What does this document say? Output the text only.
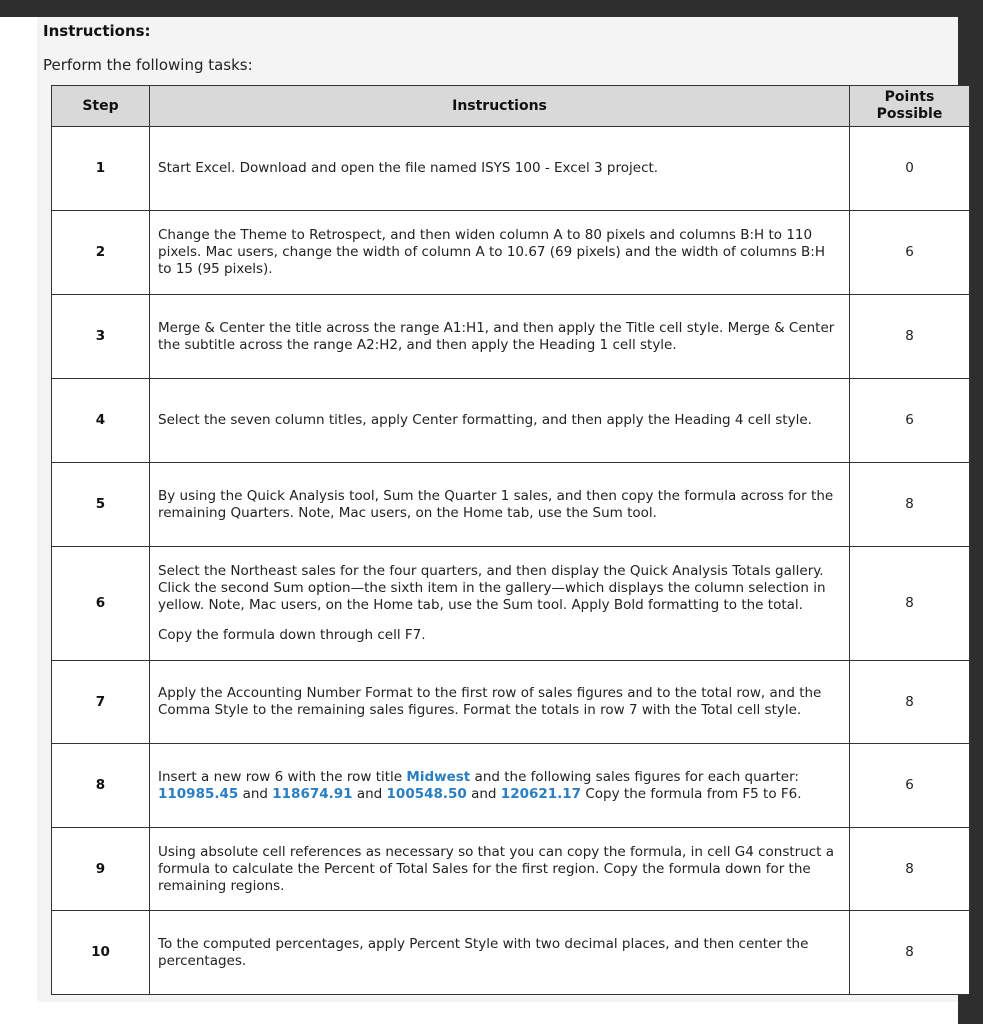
Instructions:
Perform the following tasks:
Step	Instructions	Points
Possible
1	Start Excel. Download and open the file named ISYS 100 - Excel 3 project.	0
2	Change the Theme to Retrospect, and then widen column A to 80 pixels and columns B:H to 110 pixels. Mac users, change the width of column A to 10.67 (69 pixels) and the width of columns B:H to 15 (95 pixels).	6
3	Merge & Center the title across the range A1:H1, and then apply the Title cell style. Merge & Center the subtitle across the range A2:H2, and then apply the Heading 1 cell style.	8
4	Select the seven column titles, apply Center formatting, and then apply the Heading 4 cell style.	6
5	By using the Quick Analysis tool, Sum the Quarter 1 sales, and then copy the formula across for the remaining Quarters. Note, Mac users, on the Home tab, use the Sum tool.	8
6	Select the Northeast sales for the four quarters, and then display the Quick Analysis Totals gallery. Click the second Sum option—the sixth item in the gallery—which displays the column selection in yellow. Note, Mac users, on the Home tab, use the Sum tool. Apply Bold formatting to the total.
Copy the formula down through cell F7.	8
7	Apply the Accounting Number Format to the first row of sales figures and to the total row, and the Comma Style to the remaining sales figures. Format the totals in row 7 with the Total cell style.	8
8	Insert a new row 6 with the row title Midwest and the following sales figures for each quarter: 110985.45 and 118674.91 and 100548.50 and 120621.17 Copy the formula from F5 to F6.	6
9	Using absolute cell references as necessary so that you can copy the formula, in cell G4 construct a formula to calculate the Percent of Total Sales for the first region. Copy the formula down for the remaining regions.	8
10	To the computed percentages, apply Percent Style with two decimal places, and then center the percentages.	8
